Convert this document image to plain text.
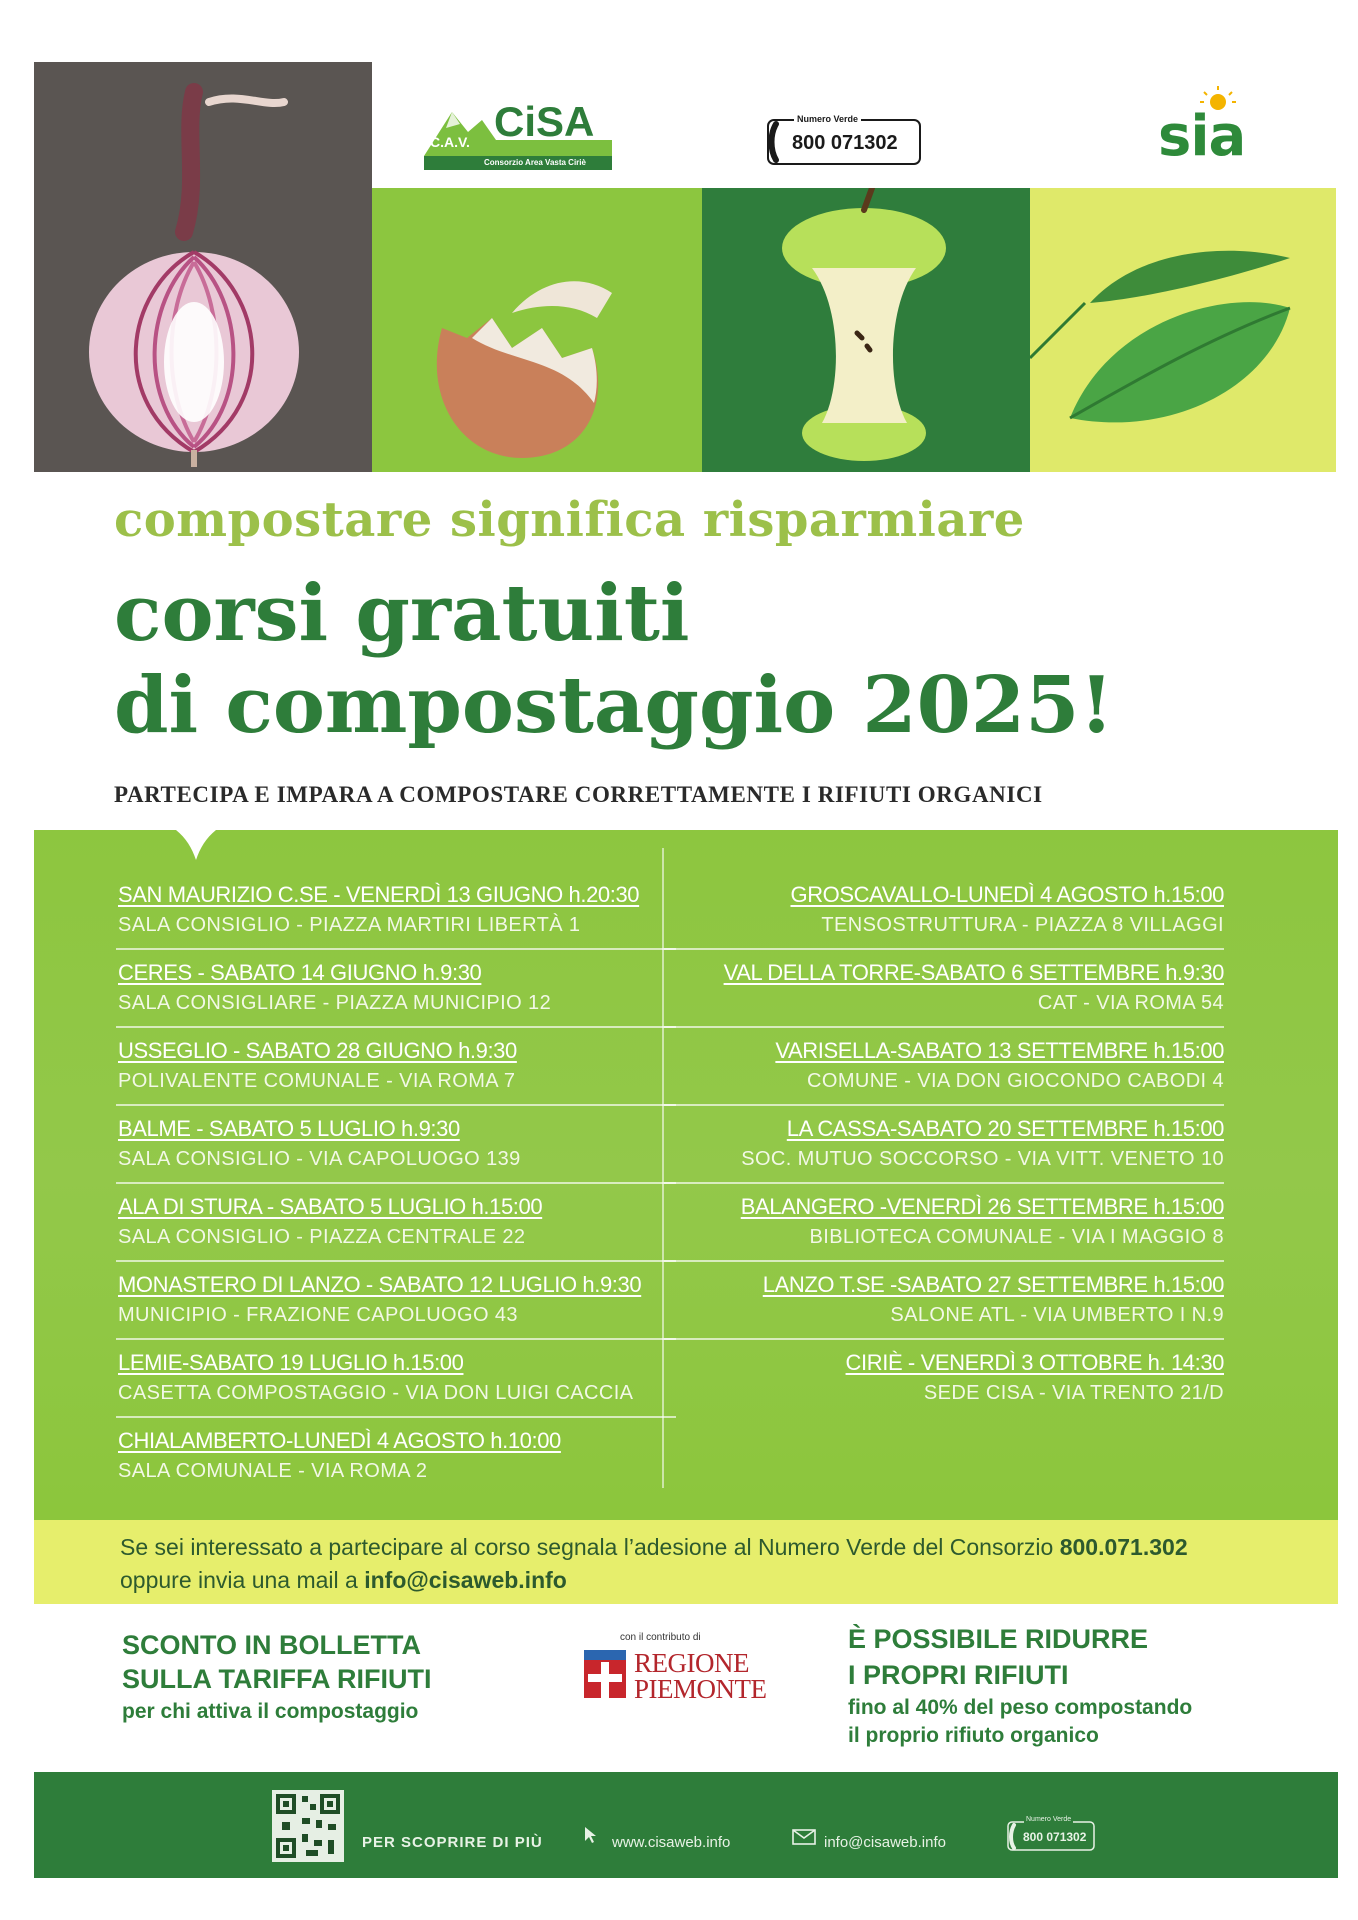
C.A.V. CiSA
Consorzio Area Vasta Ciriè
Numero Verde
800 071302	sia
compostare significa risparmiare
corsi gratuiti
di compostaggio 2025!

PARTECIPA E IMPARA A COMPOSTARE CORRETTAMENTE I RIFIUTI ORGANICI

SAN MAURIZIO C.SE - VENERDÌ 13 GIUGNO h.20:30
SALA CONSIGLIO - PIAZZA MARTIRI LIBERTÀ 1
CERES - SABATO 14 GIUGNO h.9:30
SALA CONSIGLIARE - PIAZZA MUNICIPIO 12
USSEGLIO - SABATO 28 GIUGNO h.9:30
POLIVALENTE COMUNALE - VIA ROMA 7
BALME - SABATO 5 LUGLIO h.9:30
SALA CONSIGLIO - VIA CAPOLUOGO 139
ALA DI STURA - SABATO 5 LUGLIO h.15:00
SALA CONSIGLIO - PIAZZA CENTRALE 22
MONASTERO DI LANZO - SABATO 12 LUGLIO h.9:30
MUNICIPIO - FRAZIONE CAPOLUOGO 43
LEMIE-SABATO 19 LUGLIO h.15:00
CASETTA COMPOSTAGGIO - VIA DON LUIGI CACCIA
CHIALAMBERTO-LUNEDÌ 4 AGOSTO h.10:00
SALA COMUNALE - VIA ROMA 2
GROSCAVALLO-LUNEDÌ 4 AGOSTO h.15:00
TENSOSTRUTTURA - PIAZZA 8 VILLAGGI
VAL DELLA TORRE-SABATO 6 SETTEMBRE h.9:30
CAT - VIA ROMA 54
VARISELLA-SABATO 13 SETTEMBRE h.15:00
COMUNE - VIA DON GIOCONDO CABODI 4
LA CASSA-SABATO 20 SETTEMBRE h.15:00
SOC. MUTUO SOCCORSO - VIA VITT. VENETO 10
BALANGERO -VENERDÌ 26 SETTEMBRE h.15:00
BIBLIOTECA COMUNALE - VIA I MAGGIO 8
LANZO T.SE -SABATO 27 SETTEMBRE h.15:00
SALONE ATL - VIA UMBERTO I N.9
CIRIÈ - VENERDÌ 3 OTTOBRE h. 14:30
SEDE CISA - VIA TRENTO 21/D
Se sei interessato a partecipare al corso segnala l’adesione al Numero Verde del Consorzio 800.071.302
oppure invia una mail a info@cisaweb.info
SCONTO IN BOLLETTA
SULLA TARIFFA RIFIUTI
per chi attiva il compostaggio
con il contributo di
REGIONE
PIEMONTE
È POSSIBILE RIDURRE
I PROPRI RIFIUTI
fino al 40% del peso compostando
il proprio rifiuto organico
PER SCOPRIRE DI PIÙ	www.cisaweb.info	info@cisaweb.info
Numero Verde
800 071302
